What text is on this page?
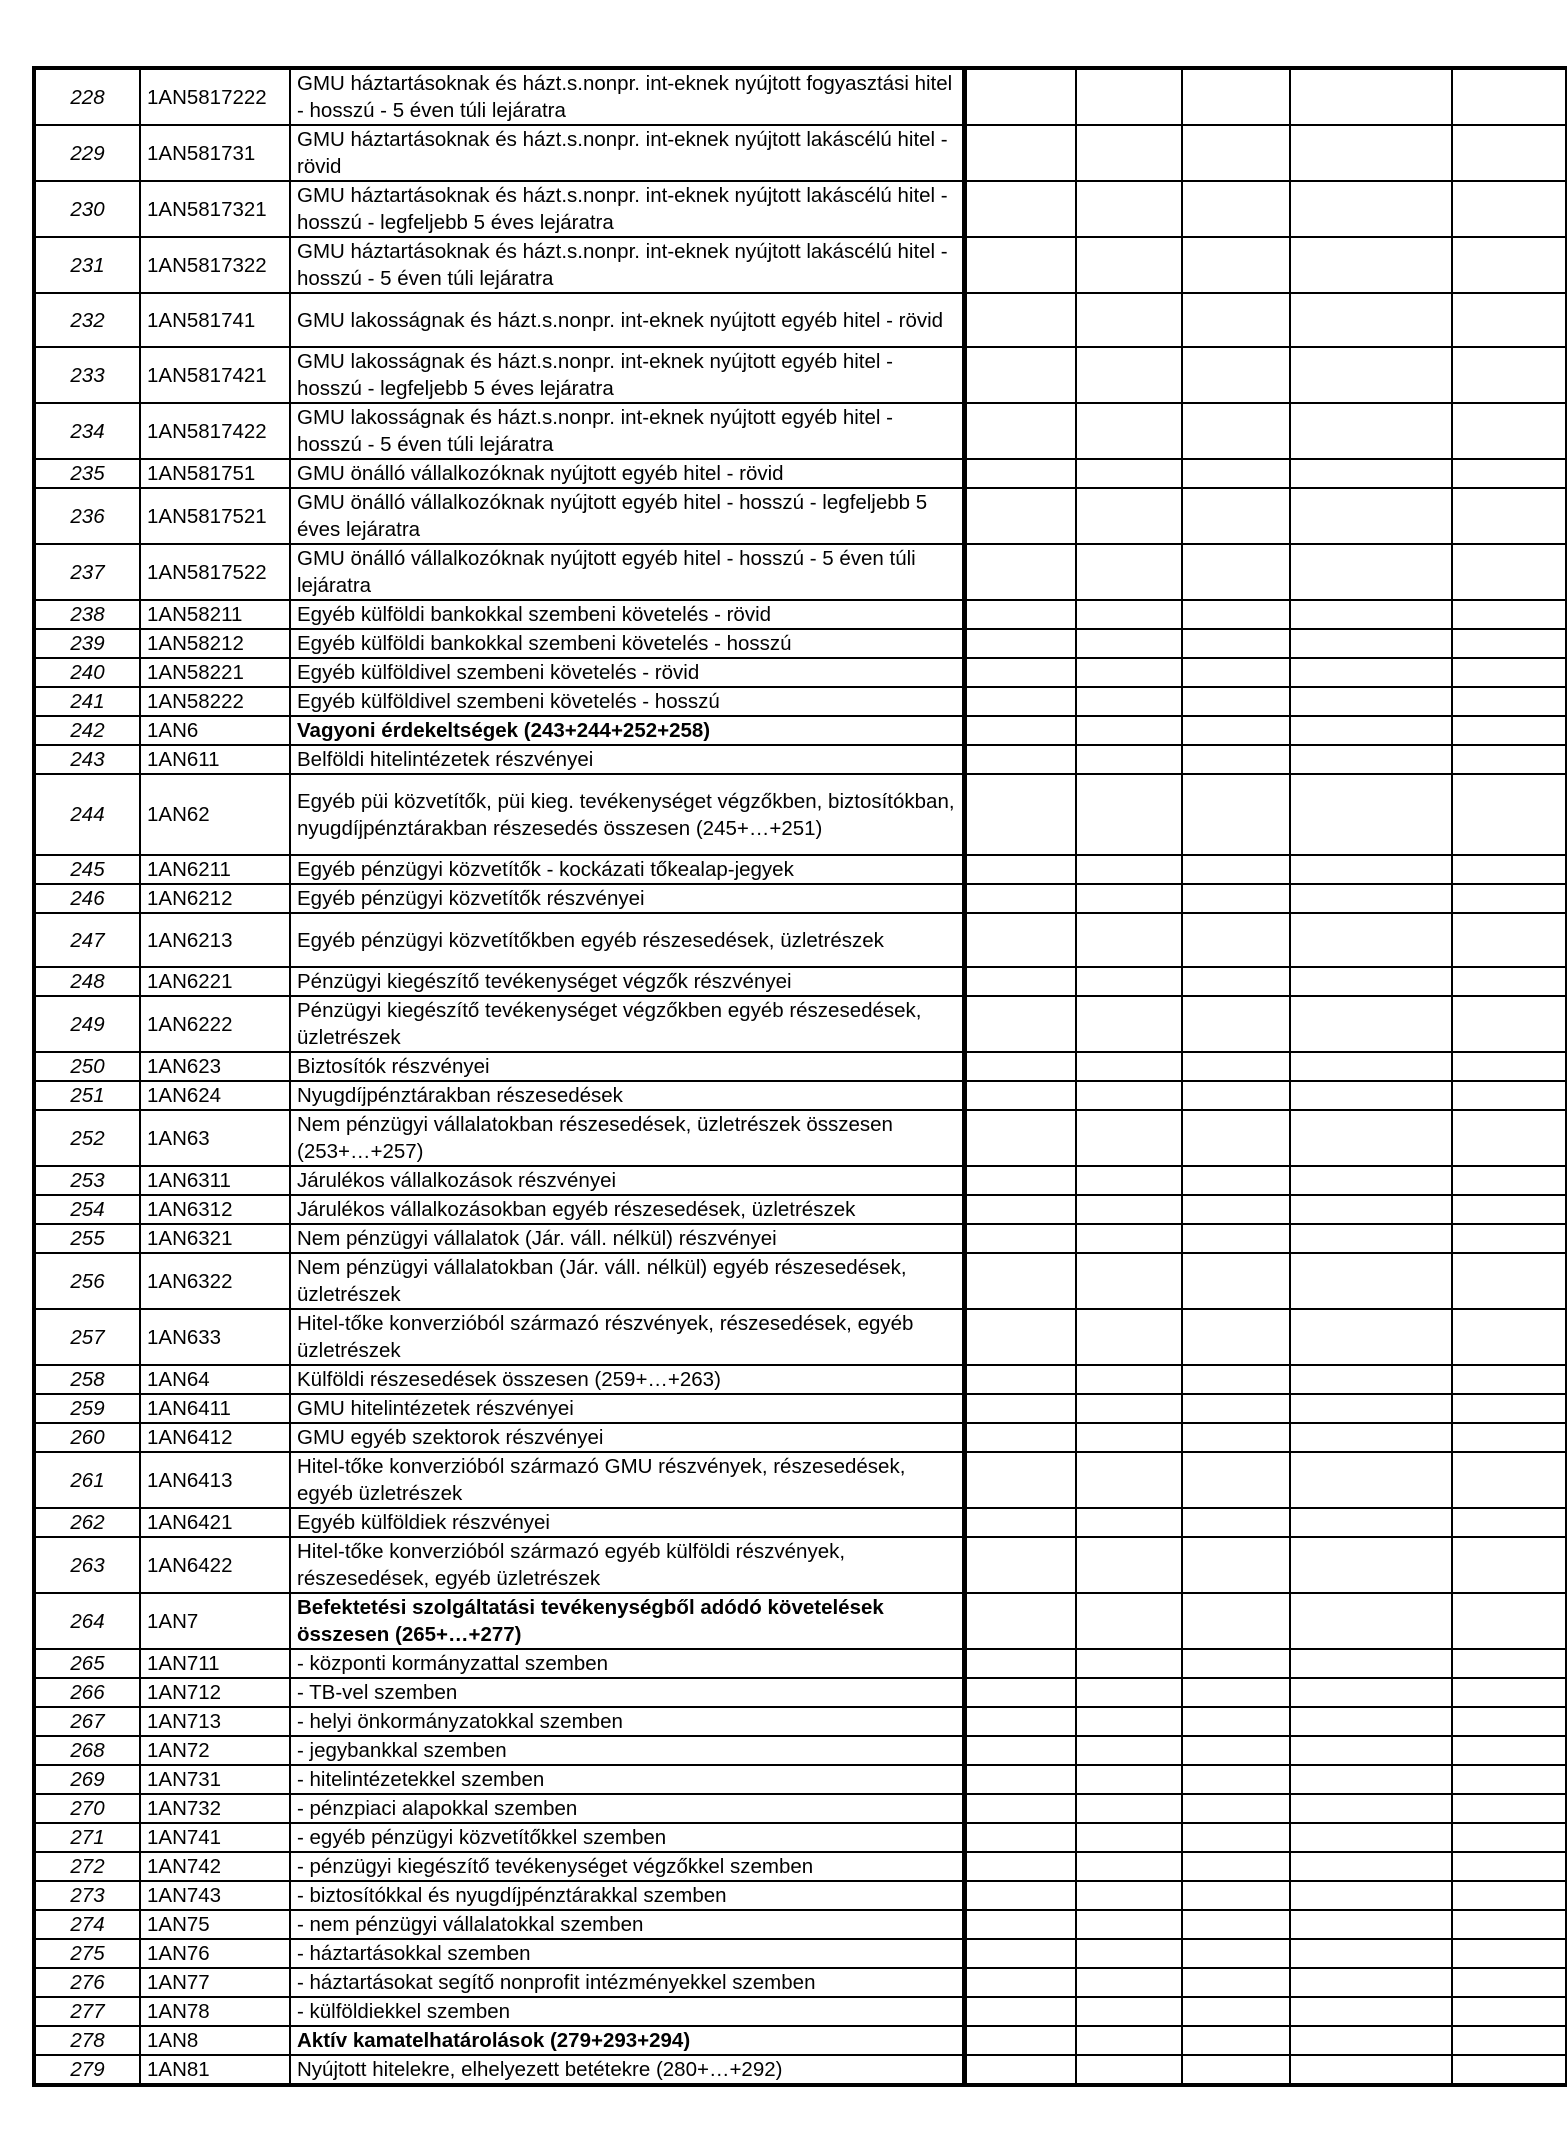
228	1AN5817222	GMU háztartásoknak és házt.s.nonpr. int-eknek nyújtott fogyasztási hitel - hosszú - 5 éven túli lejáratra						
229	1AN581731	GMU háztartásoknak és házt.s.nonpr. int-eknek nyújtott lakáscélú hitel - rövid						
230	1AN5817321	GMU háztartásoknak és házt.s.nonpr. int-eknek nyújtott lakáscélú hitel - hosszú - legfeljebb 5 éves lejáratra						
231	1AN5817322	GMU háztartásoknak és házt.s.nonpr. int-eknek nyújtott lakáscélú hitel - hosszú - 5 éven túli lejáratra						
232	1AN581741	GMU lakosságnak és házt.s.nonpr. int-eknek nyújtott egyéb hitel - rövid						
233	1AN5817421	GMU lakosságnak és házt.s.nonpr. int-eknek nyújtott egyéb hitel - hosszú - legfeljebb 5 éves lejáratra						
234	1AN5817422	GMU lakosságnak és házt.s.nonpr. int-eknek nyújtott egyéb hitel - hosszú - 5 éven túli lejáratra						
235	1AN581751	GMU önálló vállalkozóknak nyújtott egyéb hitel - rövid						
236	1AN5817521	GMU önálló vállalkozóknak nyújtott egyéb hitel - hosszú - legfeljebb 5 éves lejáratra						
237	1AN5817522	GMU önálló vállalkozóknak nyújtott egyéb hitel - hosszú - 5 éven túli lejáratra						
238	1AN58211	Egyéb külföldi bankokkal szembeni követelés - rövid						
239	1AN58212	Egyéb külföldi bankokkal szembeni követelés - hosszú						
240	1AN58221	Egyéb külföldivel szembeni követelés - rövid						
241	1AN58222	Egyéb külföldivel szembeni követelés - hosszú						
242	1AN6	Vagyoni érdekeltségek (243+244+252+258)						
243	1AN611	Belföldi hitelintézetek részvényei						
244	1AN62	Egyéb püi közvetítők, püi kieg. tevékenységet végzőkben, biztosítókban, nyugdíjpénztárakban részesedés összesen (245+…+251)						
245	1AN6211	Egyéb pénzügyi közvetítők - kockázati tőkealap-jegyek						
246	1AN6212	Egyéb pénzügyi közvetítők részvényei						
247	1AN6213	Egyéb pénzügyi közvetítőkben egyéb részesedések, üzletrészek						
248	1AN6221	Pénzügyi kiegészítő tevékenységet végzők részvényei						
249	1AN6222	Pénzügyi kiegészítő tevékenységet végzőkben egyéb részesedések, üzletrészek						
250	1AN623	Biztosítók részvényei						
251	1AN624	Nyugdíjpénztárakban részesedések						
252	1AN63	Nem pénzügyi vállalatokban részesedések, üzletrészek összesen (253+…+257)						
253	1AN6311	Járulékos vállalkozások részvényei						
254	1AN6312	Járulékos vállalkozásokban egyéb részesedések, üzletrészek						
255	1AN6321	Nem pénzügyi vállalatok (Jár. váll. nélkül) részvényei						
256	1AN6322	Nem pénzügyi vállalatokban (Jár. váll. nélkül) egyéb részesedések, üzletrészek						
257	1AN633	Hitel-tőke konverzióból származó részvények, részesedések, egyéb üzletrészek						
258	1AN64	Külföldi részesedések összesen (259+…+263)						
259	1AN6411	GMU hitelintézetek részvényei						
260	1AN6412	GMU egyéb szektorok részvényei						
261	1AN6413	Hitel-tőke konverzióból származó GMU részvények, részesedések, egyéb üzletrészek						
262	1AN6421	Egyéb külföldiek részvényei						
263	1AN6422	Hitel-tőke konverzióból származó egyéb külföldi részvények, részesedések, egyéb üzletrészek						
264	1AN7	Befektetési szolgáltatási tevékenységből adódó követelések összesen (265+…+277)						
265	1AN711	- központi kormányzattal szemben						
266	1AN712	- TB-vel szemben						
267	1AN713	- helyi önkormányzatokkal szemben						
268	1AN72	- jegybankkal szemben						
269	1AN731	- hitelintézetekkel szemben						
270	1AN732	- pénzpiaci alapokkal szemben						
271	1AN741	- egyéb pénzügyi közvetítőkkel szemben						
272	1AN742	- pénzügyi kiegészítő tevékenységet végzőkkel szemben						
273	1AN743	- biztosítókkal és nyugdíjpénztárakkal szemben						
274	1AN75	- nem pénzügyi vállalatokkal szemben						
275	1AN76	- háztartásokkal szemben						
276	1AN77	- háztartásokat segítő nonprofit intézményekkel szemben						
277	1AN78	- külföldiekkel szemben						
278	1AN8	Aktív kamatelhatárolások (279+293+294)						
279	1AN81	Nyújtott hitelekre, elhelyezett betétekre (280+…+292)						
